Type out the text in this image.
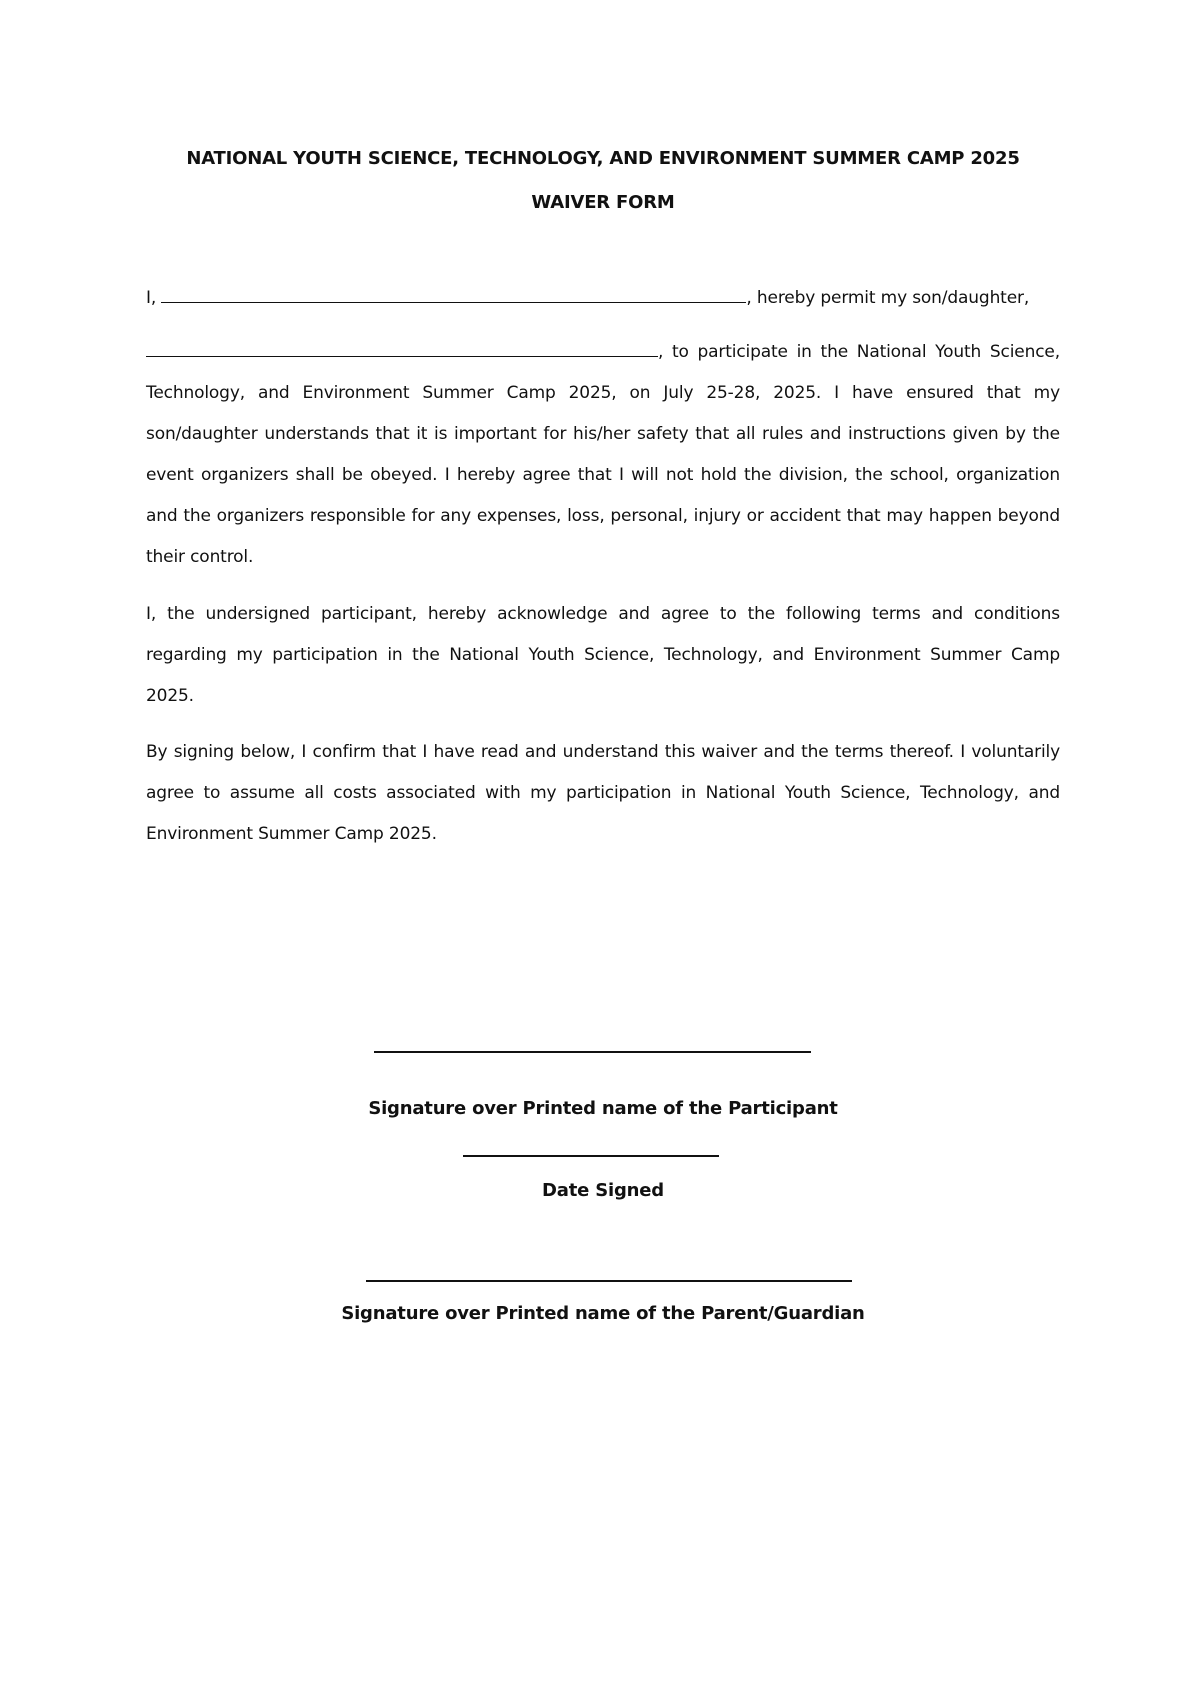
NATIONAL YOUTH SCIENCE, TECHNOLOGY, AND ENVIRONMENT SUMMER CAMP 2025
WAIVER FORM
I,	, hereby permit my son/daughter,
, to participate in the National Youth Science, Technology, and Environment Summer Camp 2025, on July 25-28, 2025. I have ensured that my son/daughter understands that it is important for his/her safety that all rules and instructions given by the event organizers shall be obeyed. I hereby agree that I will not hold the division, the school, organization and the organizers responsible for any expenses, loss, personal, injury or accident that may happen beyond their control.
I, the undersigned participant, hereby acknowledge and agree to the following terms and conditions regarding my participation in the National Youth Science, Technology, and Environment Summer Camp 2025.
By signing below, I confirm that I have read and understand this waiver and the terms thereof. I voluntarily agree to assume all costs associated with my participation in National Youth Science, Technology, and Environment Summer Camp 2025.
Signature over Printed name of the Participant
Date Signed
Signature over Printed name of the Parent/Guardian
